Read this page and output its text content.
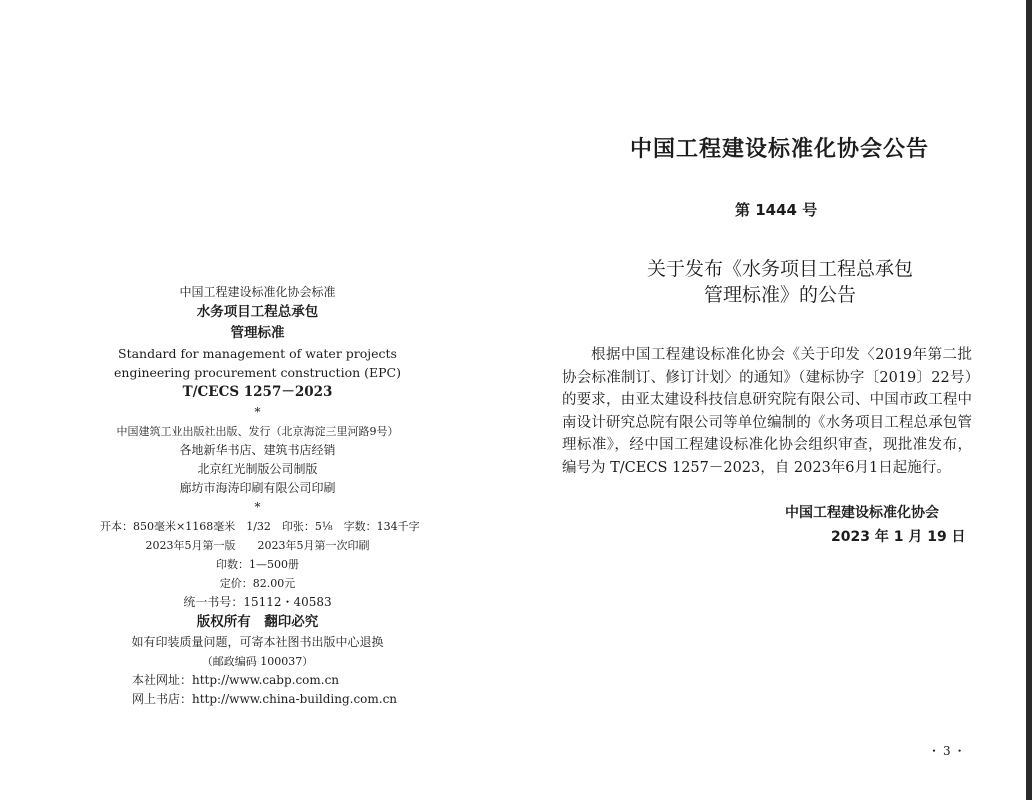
中国工程建设标准化协会标准
水务项目工程总承包
管理标准
Standard for management of water projects
engineering procurement construction (EPC)
T/CECS 1257－2023
*
中国建筑工业出版社出版、发行（北京海淀三里河路9号）
各地新华书店、建筑书店经销
北京红光制版公司制版
廊坊市海涛印刷有限公司印刷
*
开本：850毫米×1168毫米　1/32　印张：5⅛　字数：134千字
2023年5月第一版　　2023年5月第一次印刷
印数：1—500册
定价：82.00元
统一书号：15112・40583
版权所有　翻印必究
如有印装质量问题，可寄本社图书出版中心退换
（邮政编码 100037）
本社网址：http://www.cabp.com.cn
网上书店：http://www.china-building.com.cn
中国工程建设标准化协会公告
第 1444 号
关于发布《水务项目工程总承包
管理标准》的公告
根据中国工程建设标准化协会《关于印发〈2019年第二批协会标准制订、修订计划〉的通知》（建标协字〔2019〕22号）的要求，由亚太建设科技信息研究院有限公司、中国市政工程中南设计研究总院有限公司等单位编制的《水务项目工程总承包管理标准》，经中国工程建设标准化协会组织审查，现批准发布，编号为 T/CECS 1257－2023，自 2023年6月1日起施行。
中国工程建设标准化协会
2023 年 1 月 19 日
・3・
